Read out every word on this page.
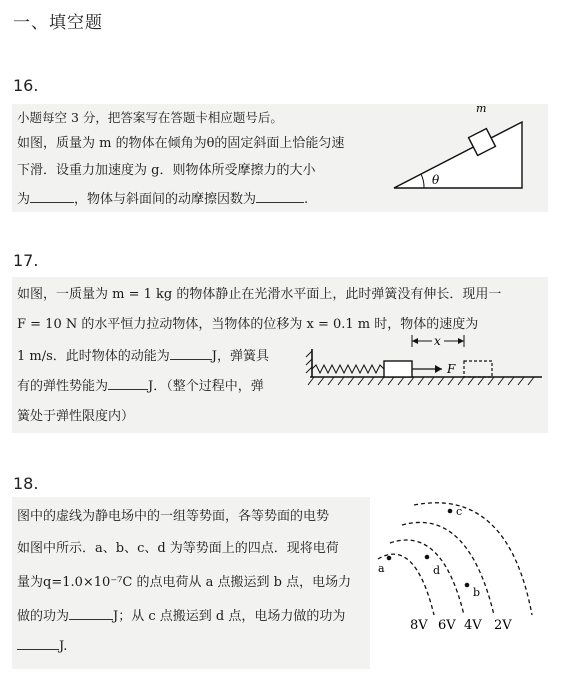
一、填空题
16.
小题每空 3 分，把答案写在答题卡相应题号后。
如图，质量为 m 的物体在倾角为θ的固定斜面上恰能匀速
下滑．设重力加速度为 g．则物体所受摩擦力的大小
为	，物体与斜面间的动摩擦因数为	.
θ
m
17.
如图，一质量为 m = 1 kg 的物体静止在光滑水平面上，此时弹簧没有伸长．现用一
F = 10 N 的水平恒力拉动物体，当物体的位移为 x = 0.1 m 时，物体的速度为
1 m/s．此时物体的动能为	J，弹簧具
有的弹性势能为	J．（整个过程中，弹
簧处于弹性限度内）
F
x
18.
图中的虚线为静电场中的一组等势面，各等势面的电势
如图中所示．a、b、c、d 为等势面上的四点．现将电荷
量为q=1.0×10⁻⁷C 的点电荷从 a 点搬运到 b 点，电场力
做的功为	J；从 c 点搬运到 d 点，电场力做的功为
J.
a
b
c
d
8V 6V 4V 2V
